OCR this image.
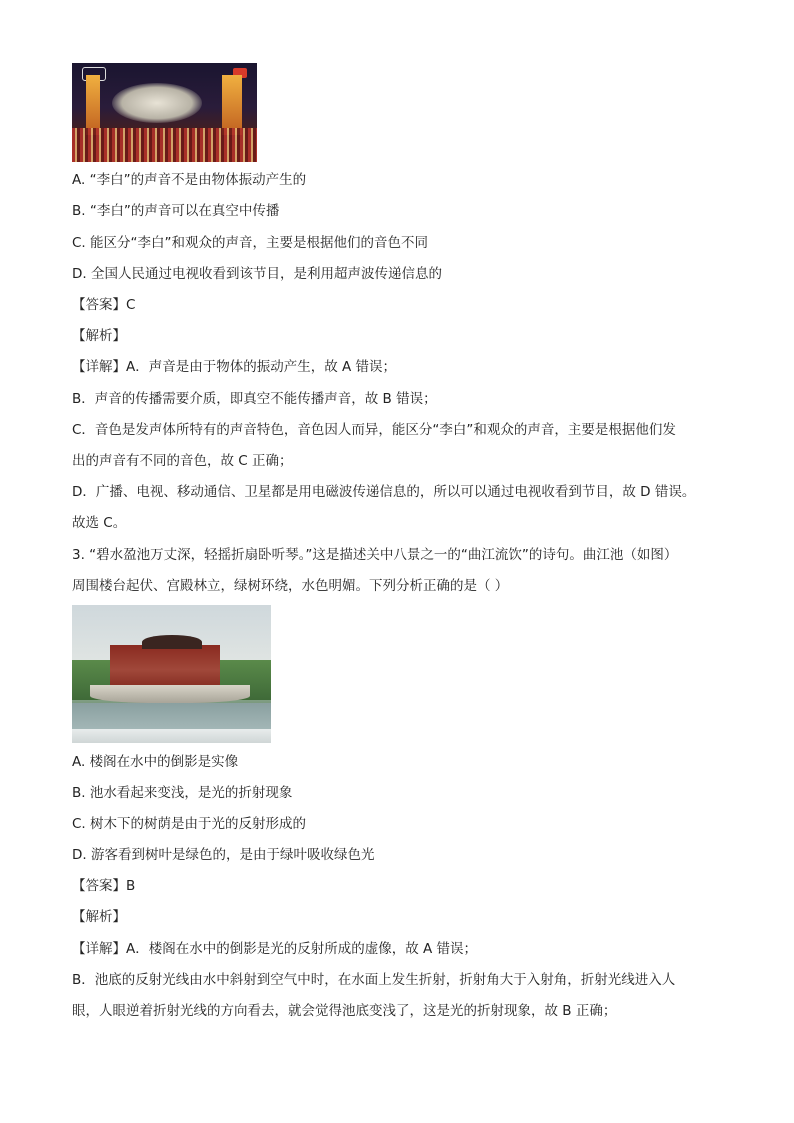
A. “李白”的声音不是由物体振动产生的
B. “李白”的声音可以在真空中传播
C. 能区分“李白”和观众的声音，主要是根据他们的音色不同
D. 全国人民通过电视收看到该节目，是利用超声波传递信息的
【答案】C
【解析】
【详解】A．声音是由于物体的振动产生，故 A 错误；
B．声音的传播需要介质，即真空不能传播声音，故 B 错误；
C．音色是发声体所特有的声音特色，音色因人而异，能区分“李白”和观众的声音，主要是根据他们发
出的声音有不同的音色，故 C 正确；
D．广播、电视、移动通信、卫星都是用电磁波传递信息的，所以可以通过电视收看到节目，故 D 错误。
故选 C。
3. “碧水盈池万丈深，轻摇折扇卧听琴。”这是描述关中八景之一的“曲江流饮”的诗句。曲江池（如图）
周围楼台起伏、宫殿林立，绿树环绕，水色明媚。下列分析正确的是（ ）
A. 楼阁在水中的倒影是实像
B. 池水看起来变浅，是光的折射现象
C. 树木下的树荫是由于光的反射形成的
D. 游客看到树叶是绿色的，是由于绿叶吸收绿色光
【答案】B
【解析】
【详解】A．楼阁在水中的倒影是光的反射所成的虚像，故 A 错误；
B．池底的反射光线由水中斜射到空气中时，在水面上发生折射，折射角大于入射角，折射光线进入人
眼，人眼逆着折射光线的方向看去，就会觉得池底变浅了，这是光的折射现象，故 B 正确；
